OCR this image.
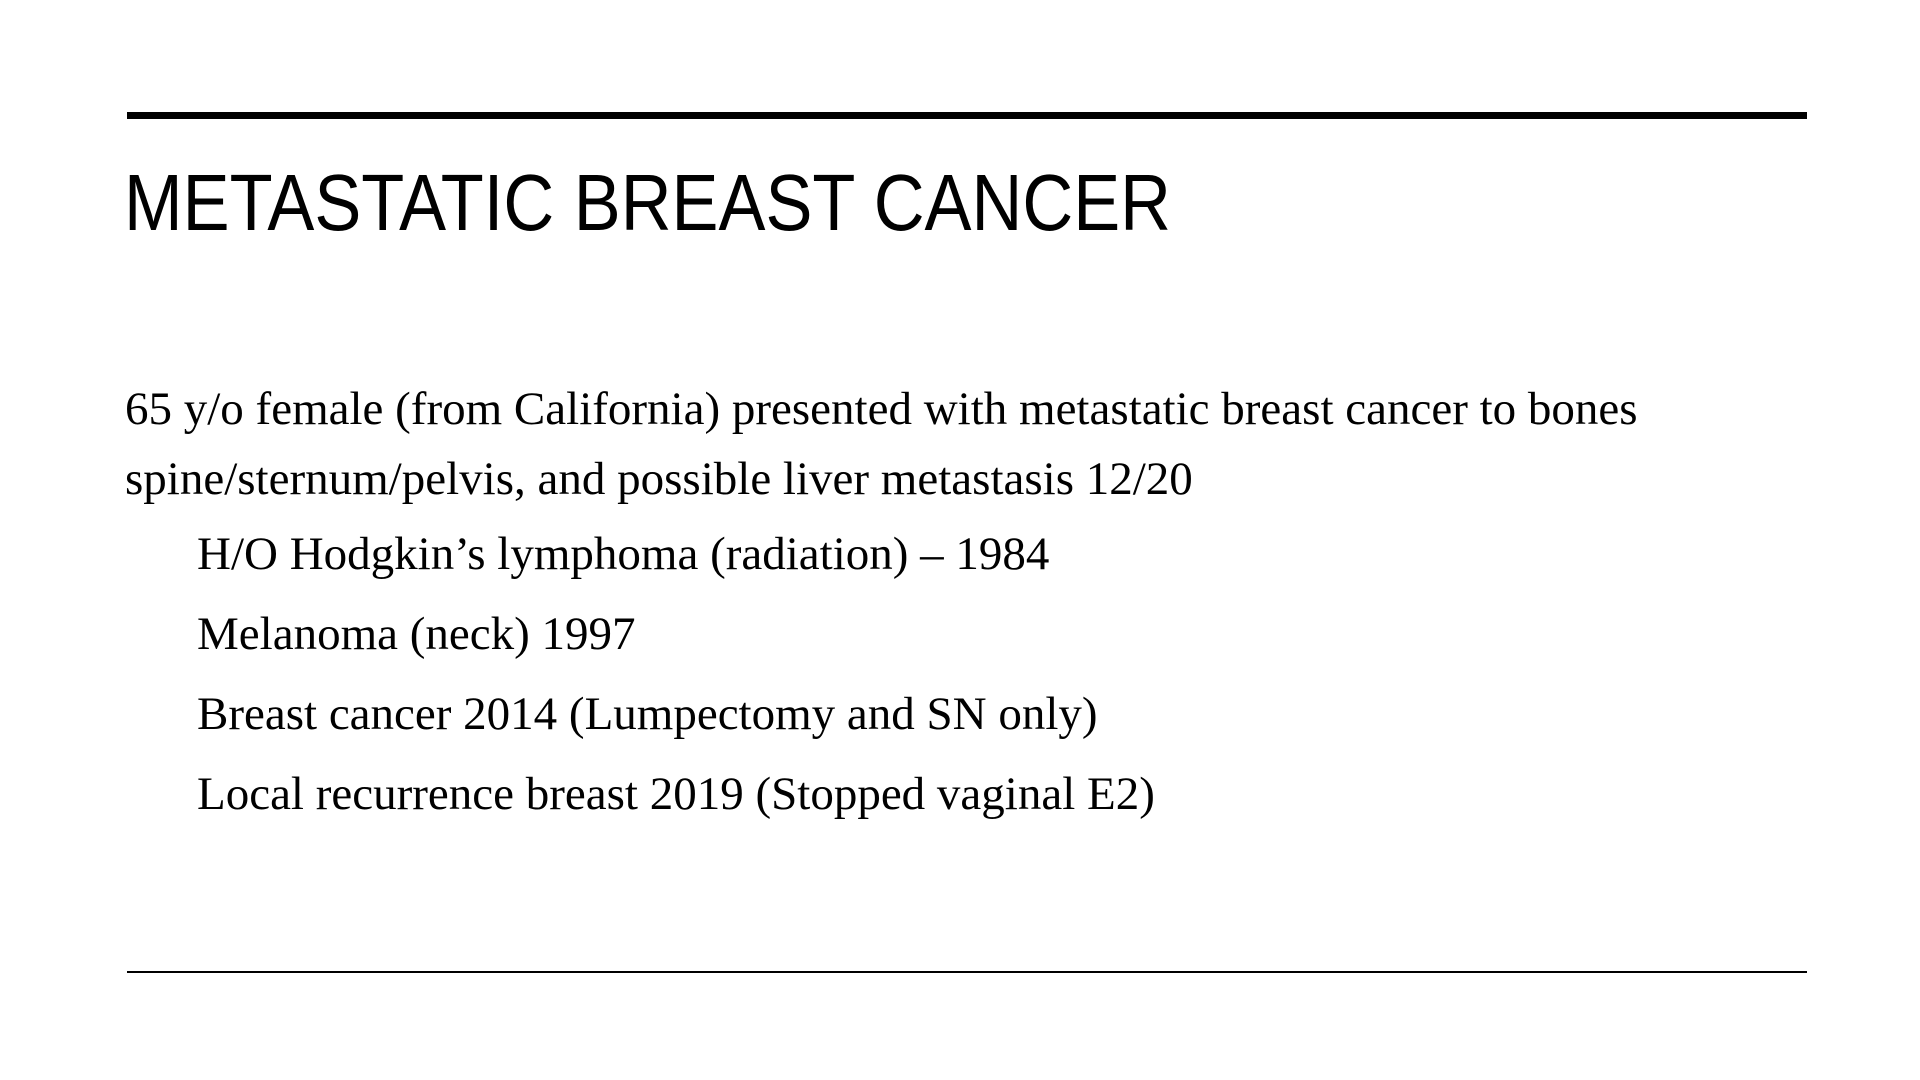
METASTATIC BREAST CANCER

65 y/o female (from California) presented with metastatic breast cancer to bones spine/sternum/pelvis, and possible liver metastasis 12/20

H/O Hodgkin’s lymphoma (radiation) – 1984
Melanoma (neck) 1997
Breast cancer 2014 (Lumpectomy and SN only)
Local recurrence breast 2019 (Stopped vaginal E2)
